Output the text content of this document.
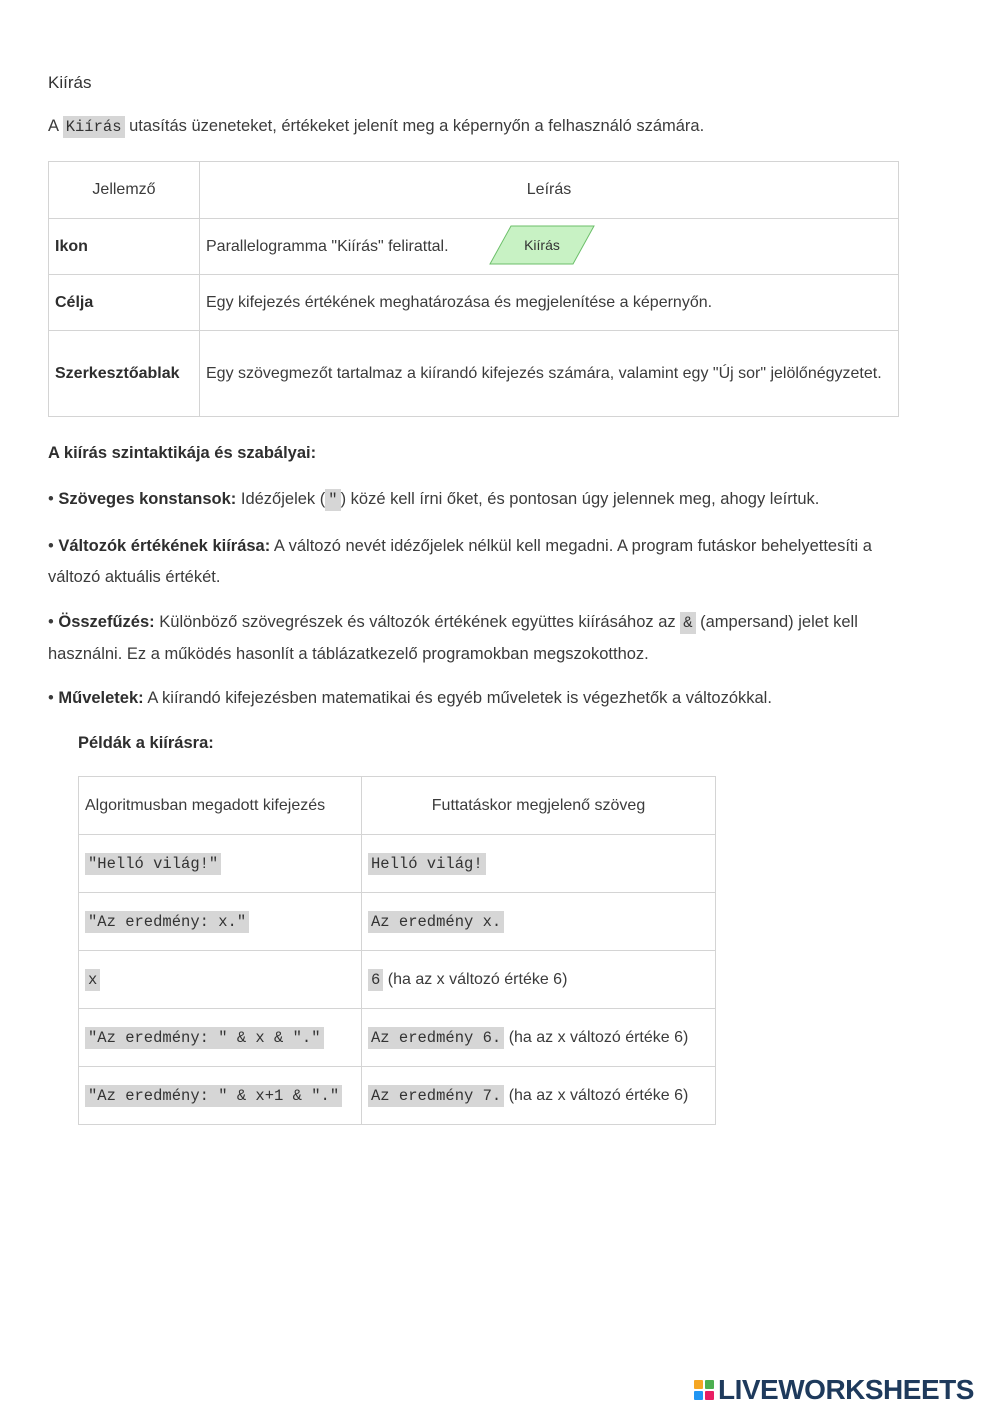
Kiírás
A Kiírás utasítás üzeneteket, értékeket jelenít meg a képernyőn a felhasználó számára.
Jellemző	Leírás
Ikon	Parallelogramma "Kiírás" felirattal. Kiírás

Célja	Egy kifejezés értékének meghatározása és megjelenítése a képernyőn.
Szerkesztőablak	Egy szövegmezőt tartalmaz a kiírandó kifejezés számára, valamint egy "Új sor" jelölőnégyzetet.
A kiírás szintaktikája és szabályai:
• Szöveges konstansok: Idézőjelek ( " ) közé kell írni őket, és pontosan úgy jelennek meg, ahogy leírtuk.
• Változók értékének kiírása: A változó nevét idézőjelek nélkül kell megadni. A program futáskor behelyettesíti a változó aktuális értékét.
• Összefűzés: Különböző szövegrészek és változók értékének együttes kiírásához az & (ampersand) jelet kell használni. Ez a működés hasonlít a táblázatkezelő programokban megszokotthoz.
• Műveletek: A kiírandó kifejezésben matematikai és egyéb műveletek is végezhetők a változókkal.
Példák a kiírásra:
Algoritmusban megadott kifejezés	Futtatáskor megjelenő szöveg
"Helló világ!"	Helló világ!
"Az eredmény: x."	Az eredmény x.
x	6 (ha az x változó értéke 6)
"Az eredmény: " & x & "."	Az eredmény 6. (ha az x változó értéke 6)
"Az eredmény: " & x+1 & "."	Az eredmény 7. (ha az x változó értéke 6)
LIVEWORKSHEETS
